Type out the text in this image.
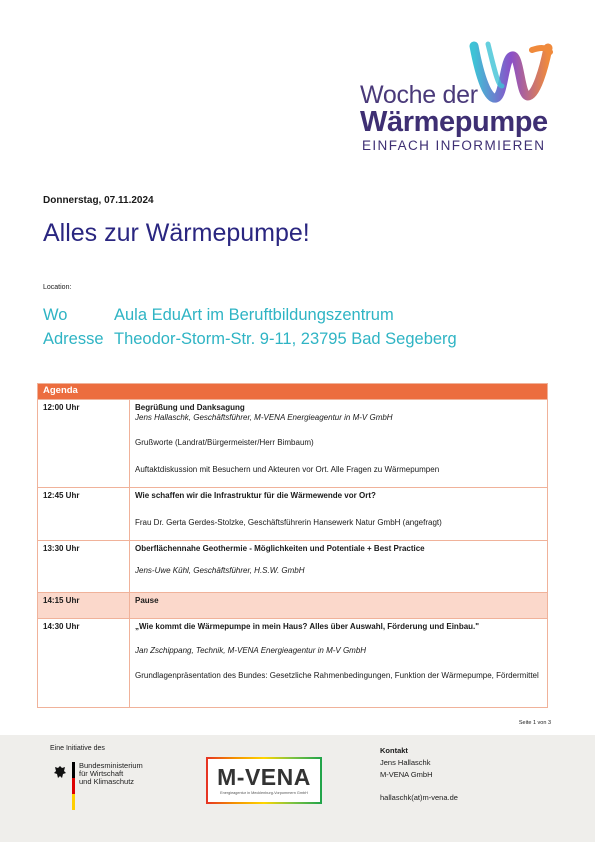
Woche der
Wärmepumpe
EINFACH INFORMIEREN
Donnerstag, 07.11.2024
Alles zur Wärmepumpe!
Location:
Wo	Aula EduArt im Beruftbildungszentrum
Adresse Theodor-Storm-Str. 9-11, 23795 Bad Segeberg
Agenda
12:00 Uhr	Begrüßung und Danksagung
Jens Hallaschk, Geschäftsführer, M-VENA Energieagentur in M-V GmbH
Grußworte (Landrat/Bürgermeister/Herr Bimbaum)
Auftaktdiskussion mit Besuchern und Akteuren vor Ort. Alle Fragen zu Wärmepumpen
12:45 Uhr	Wie schaffen wir die Infrastruktur für die Wärmewende vor Ort?
Frau Dr. Gerta Gerdes-Stolzke, Geschäftsführerin Hansewerk Natur GmbH (angefragt)
13:30 Uhr	Oberflächennahe Geothermie - Möglichkeiten und Potentiale + Best Practice
Jens-Uwe Kühl, Geschäftsführer, H.S.W. GmbH
14:15 Uhr	Pause
14:30 Uhr	„Wie kommt die Wärmepumpe in mein Haus? Alles über Auswahl, Förderung und Einbau."
Jan Zschippang, Technik, M-VENA Energieagentur in M-V GmbH
Grundlagenpräsentation des Bundes: Gesetzliche Rahmenbedingungen, Funktion der Wärmepumpe, Fördermittel
Seite 1 von 3
Eine Initiative des
Bundesministerium
für Wirtschaft
und Klimaschutz	M-VENA
Energieagentur in Mecklenburg-Vorpommern GmbH
Kontakt
Jens Hallaschk
M-VENA GmbH
hallaschk(at)m-vena.de
